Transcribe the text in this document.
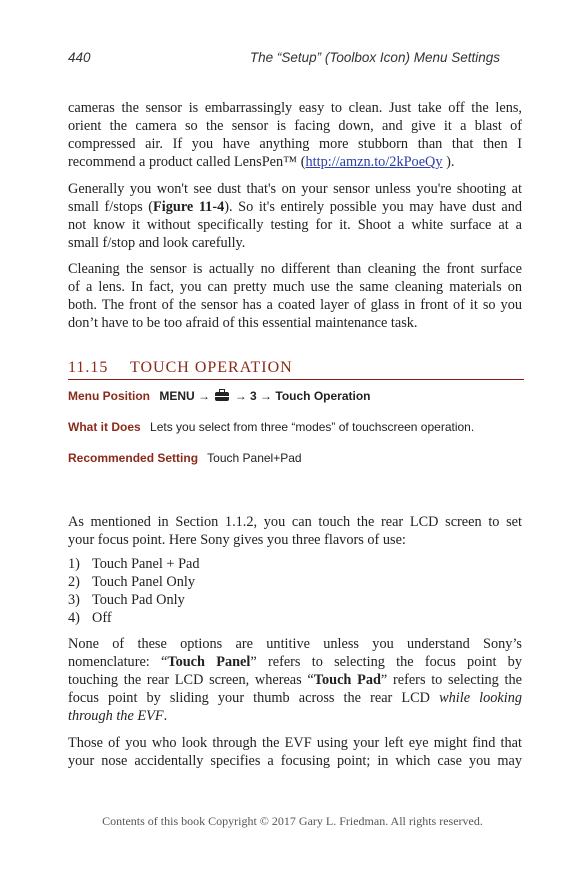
440	The “Setup” (Toolbox Icon) Menu Settings

cameras the sensor is embarrassingly easy to clean. Just take off the lens,

orient the camera so the sensor is facing down, and give it a blast of

compressed air. If you have anything more stubborn than that then I

recommend a product called LensPen™ (http://amzn.to/2kPoeQy ).

Generally you won't see dust that's on your sensor unless you're shooting at

small f/stops (Figure 11-4). So it's entirely possible you may have dust and

not know it without specifically testing for it. Shoot a white surface at a

small f/stop and look carefully.

Cleaning the sensor is actually no different than cleaning the front surface

of a lens. In fact, you can pretty much use the same cleaning materials on

both. The front of the sensor has a coated layer of glass in front of it so you

don’t have to be too afraid of this essential maintenance task.

11.15 TOUCH OPERATION
Menu Position MENU → → 3 → Touch Operation
What it Does Lets you select from three “modes” of touchscreen operation.
Recommended Setting Touch Panel+Pad

As mentioned in Section 1.1.2, you can touch the rear LCD screen to set

your focus point. Here Sony gives you three flavors of use:

1) Touch Panel + Pad
2) Touch Panel Only
3) Touch Pad Only
4) Off

None of these options are untitive unless you understand Sony’s

nomenclature: “Touch Panel” refers to selecting the focus point by

touching the rear LCD screen, whereas “Touch Pad” refers to selecting the

focus point by sliding your thumb across the rear LCD while looking

through the EVF.

Those of you who look through the EVF using your left eye might find that

your nose accidentally specifies a focusing point; in which case you may

Contents of this book Copyright © 2017 Gary L. Friedman. All rights reserved.
